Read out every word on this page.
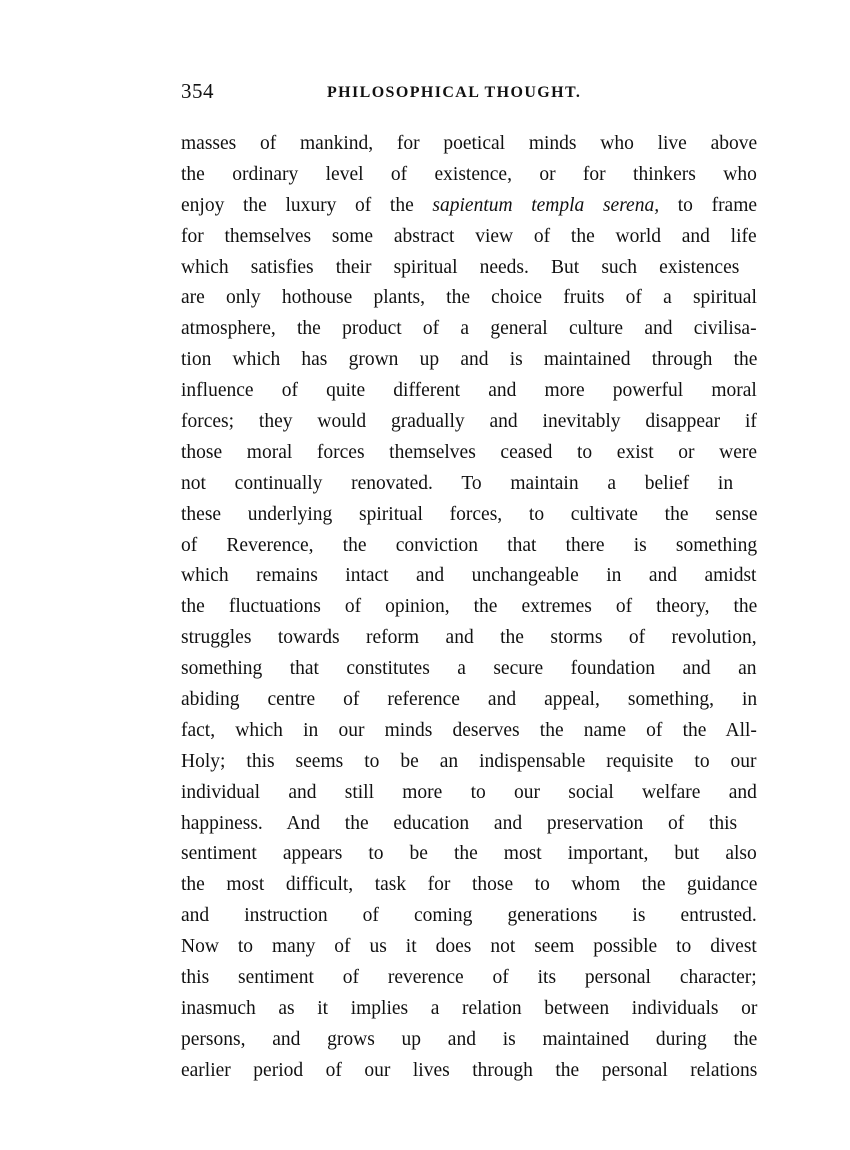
354	PHILOSOPHICAL THOUGHT.
masses of mankind, for poetical minds who live above
the ordinary level of existence, or for thinkers who
enjoy the luxury of the sapientum templa serena, to frame
for themselves some abstract view of the world and life
which satisfies their spiritual needs. But such existences
are only hothouse plants, the choice fruits of a spiritual
atmosphere, the product of a general culture and civilisa-
tion which has grown up and is maintained through the
influence of quite different and more powerful moral
forces; they would gradually and inevitably disappear if
those moral forces themselves ceased to exist or were
not continually renovated. To maintain a belief in
these underlying spiritual forces, to cultivate the sense
of Reverence, the conviction that there is something
which remains intact and unchangeable in and amidst
the fluctuations of opinion, the extremes of theory, the
struggles towards reform and the storms of revolution,
something that constitutes a secure foundation and an
abiding centre of reference and appeal, something, in
fact, which in our minds deserves the name of the All-
Holy; this seems to be an indispensable requisite to our
individual and still more to our social welfare and
happiness. And the education and preservation of this
sentiment appears to be the most important, but also
the most difficult, task for those to whom the guidance
and instruction of coming generations is entrusted.
Now to many of us it does not seem possible to divest
this sentiment of reverence of its personal character;
inasmuch as it implies a relation between individuals or
persons, and grows up and is maintained during the
earlier period of our lives through the personal relations
